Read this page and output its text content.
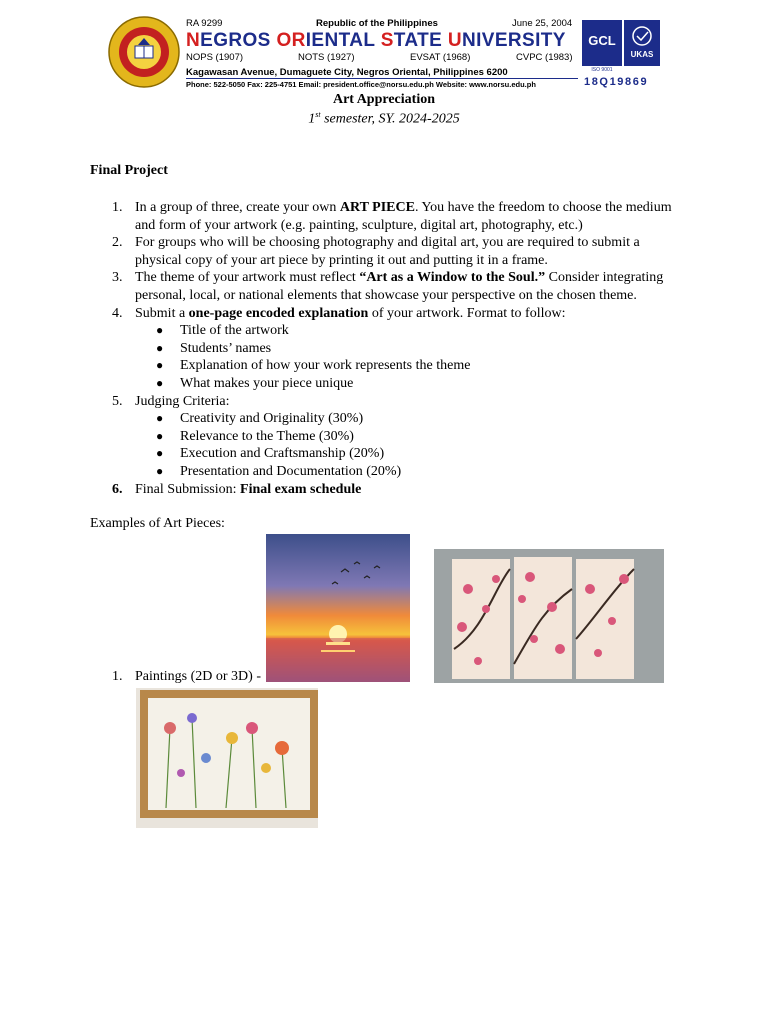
RA 9299	Republic of the Philippines	June 25, 2004
NEGROS ORIENTAL STATE UNIVERSITY
NOPS (1907)	NOTS (1927)	EVSAT (1968)	CVPC (1983)
Kagawasan Avenue, Dumaguete City, Negros Oriental, Philippines 6200
Phone: 522-5050 Fax: 225-4751 Email: president.office@norsu.edu.ph Website: www.norsu.edu.ph
GCL
UKAS
ISO 9001
18Q19869
Art Appreciation
1st semester, SY. 2024-2025
Final Project
1. In a group of three, create your own ART PIECE. You have the freedom to choose the medium and form of your artwork (e.g. painting, sculpture, digital art, photography, etc.)
2. For groups who will be choosing photography and digital art, you are required to submit a physical copy of your art piece by printing it out and putting it in a frame.
3. The theme of your artwork must reflect “Art as a Window to the Soul.” Consider integrating personal, local, or national elements that showcase your perspective on the chosen theme.
4. Submit a one-page encoded explanation of your artwork. Format to follow:
● Title of the artwork
● Students’ names
● Explanation of how your work represents the theme
● What makes your piece unique
5. Judging Criteria:
● Creativity and Originality (30%)
● Relevance to the Theme (30%)
● Execution and Craftsmanship (20%)
● Presentation and Documentation (20%)
6. Final Submission: Final exam schedule
Examples of Art Pieces:
1. Paintings (2D or 3D) -
